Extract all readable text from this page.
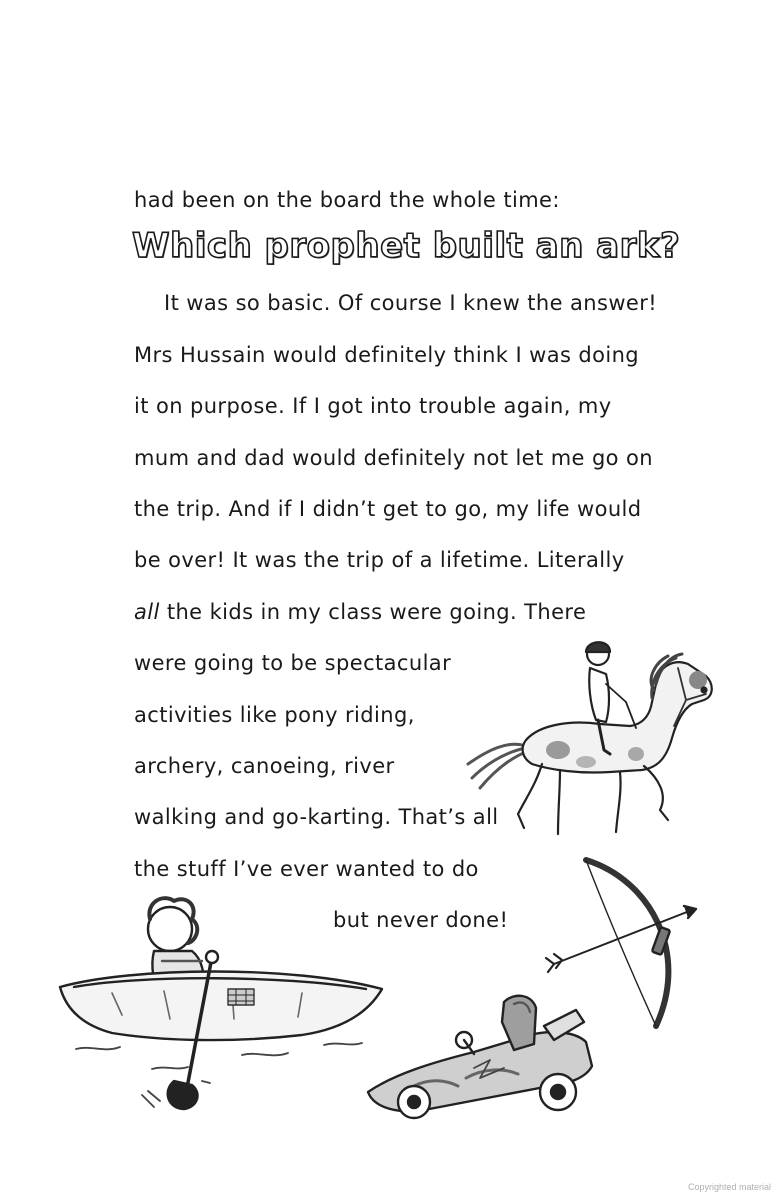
had been on the board the whole time:
Which prophet built an ark?
It was so basic. Of course I knew the answer!
Mrs Hussain would definitely think I was doing
it on purpose. If I got into trouble again, my
mum and dad would definitely not let me go on
the trip. And if I didn’t get to go, my life would
be over! It was the trip of a lifetime. Literally
all the kids in my class were going. There
were going to be spectacular
activities like pony riding,
archery, canoeing, river
walking and go-karting. That’s all
the stuff I’ve ever wanted to do
but never done!
Copyrighted material
